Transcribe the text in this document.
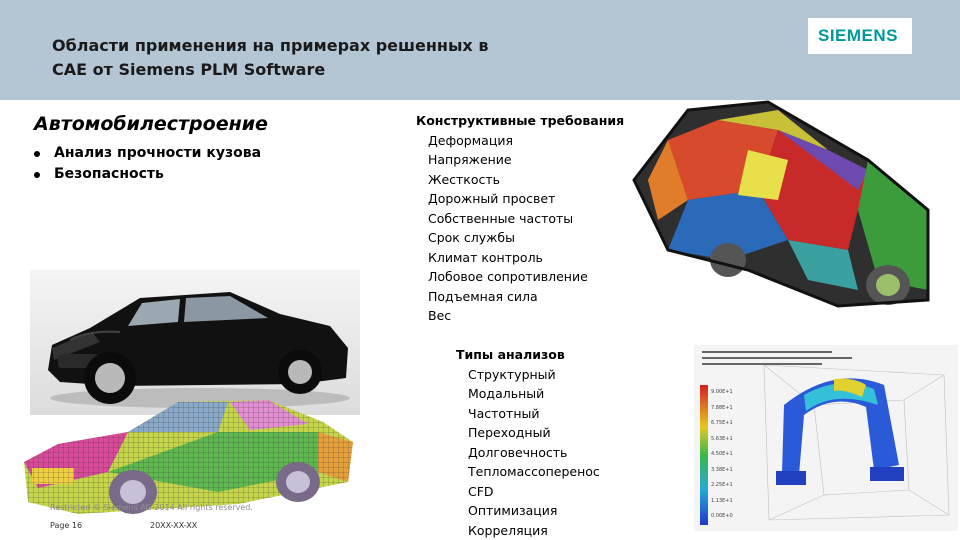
Области применения на примерах решенных в
CAE от Siemens PLM Software
SIEMENS
Автомобилестроение
Анализ прочности кузова
Безопасность
Конструктивные требования
Деформация
Напряжение
Жесткость
Дорожный просвет
Собственные частоты
Срок службы
Климат контроль
Лобовое сопротивление
Подъемная сила
Вес
Типы анализов
Структурный
Модальный
Частотный
Переходный
Долговечность
Тепломассоперенос
CFD
Оптимизация
Корреляция
9.00E+1
7.88E+1
6.75E+1
5.63E+1
4.50E+1
3.38E+1
2.25E+1
1.13E+1
0.00E+0
Restricted © Siemens AG 2014 All rights reserved.
Page 16	20XX-XX-XX
